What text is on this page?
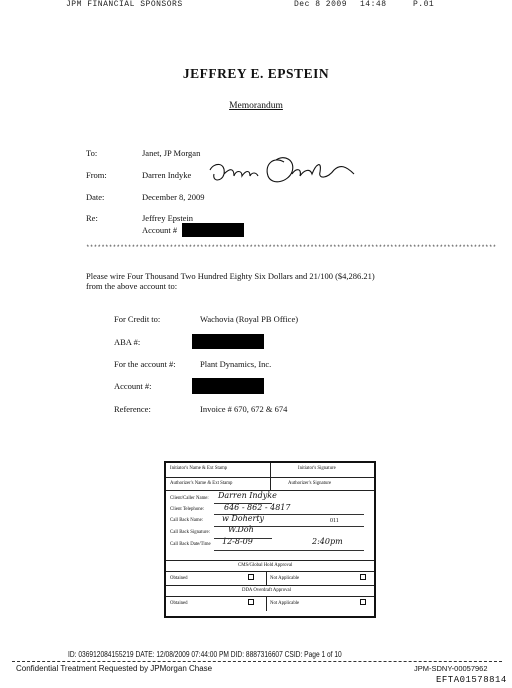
JPM FINANCIAL SPONSORS	Dec 8 2009 14:48	P.01
JEFFREY E. EPSTEIN
Memorandum
To:	Janet, JP Morgan
From:	Darren Indyke
Date:	December 8, 2009
Re:	Jeffrey Epstein
Account #
************************************************************************************************************
Please wire Four Thousand Two Hundred Eighty Six Dollars and 21/100 ($4,286.21)
from the above account to:
For Credit to:	Wachovia (Royal PB Office)
ABA #:
For the account #:	Plant Dynamics, Inc.
Account #:
Reference:	Invoice # 670, 672 & 674
Initiator's Name & Ext Stamp	Initiator's Signature
Authorizer's Name & Ext Stamp	Authorizer's Signature
Client/Caller Name: Darren Indyke
Client Telephone: 646 - 862 - 4817
Call Back Name: w Doherty	011
Call Back Signature: W.Doh
Call Back Date/Time 12-8-09	2:40pm
CMS/Global Hold Approval
Obtained	Not Applicable
DDA Overdraft Approval
Obtained	Not Applicable
ID: 036912084155219 DATE: 12/08/2009 07:44:00 PM DID: 8887316607 CSID: Page 1 of 10
Confidential Treatment Requested by JPMorgan Chase	JPM-SDNY-00057962
EFTA01578814
